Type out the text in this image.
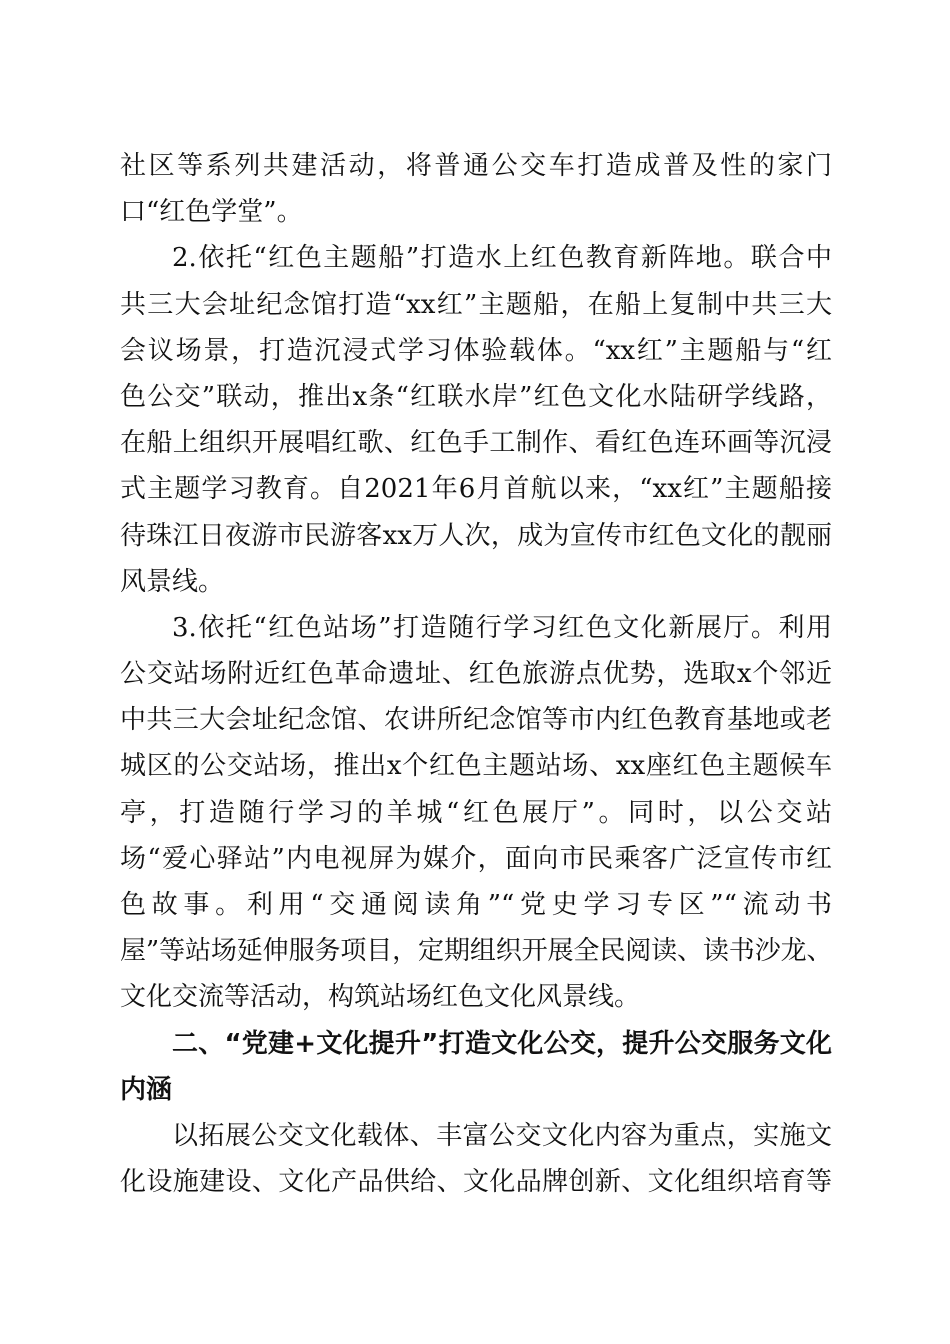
社区等系列共建活动，将普通公交车打造成普及性的家门
口“红色学堂”。
2.依托“红色主题船”打造水上红色教育新阵地。联合中
共三大会址纪念馆打造“xx红”主题船，在船上复制中共三大
会议场景，打造沉浸式学习体验载体。“xx红”主题船与“红
色公交”联动，推出x条“红联水岸”红色文化水陆研学线路，
在船上组织开展唱红歌、红色手工制作、看红色连环画等沉浸
式主题学习教育。自2021年6月首航以来，“xx红”主题船接
待珠江日夜游市民游客xx万人次，成为宣传市红色文化的靓丽
风景线。
3.依托“红色站场”打造随行学习红色文化新展厅。利用
公交站场附近红色革命遗址、红色旅游点优势，选取x个邻近
中共三大会址纪念馆、农讲所纪念馆等市内红色教育基地或老
城区的公交站场，推出x个红色主题站场、xx座红色主题候车
亭，打造随行学习的羊城“红色展厅”。同时，以公交站
场“爱心驿站”内电视屏为媒介，面向市民乘客广泛宣传市红
色故事。利用“交通阅读角”“党史学习专区”“流动书
屋”等站场延伸服务项目，定期组织开展全民阅读、读书沙龙、
文化交流等活动，构筑站场红色文化风景线。
二、“党建+文化提升”打造文化公交，提升公交服务文化
内涵
以拓展公交文化载体、丰富公交文化内容为重点，实施文
化设施建设、文化产品供给、文化品牌创新、文化组织培育等
